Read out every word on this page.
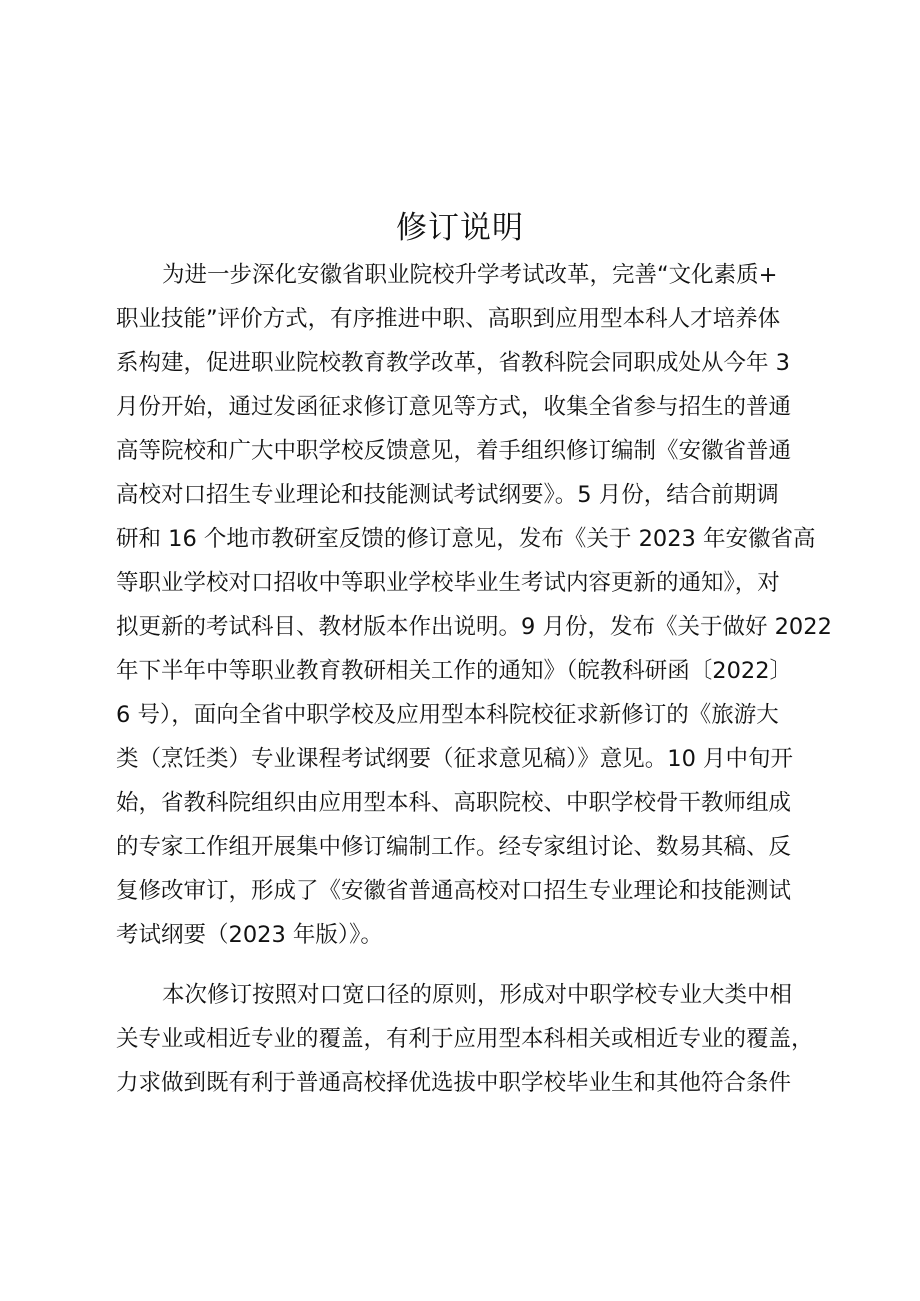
修订说明

为进一步深化安徽省职业院校升学考试改革，完善“文化素质+

职业技能”评价方式，有序推进中职、高职到应用型本科人才培养体

系构建，促进职业院校教育教学改革，省教科院会同职成处从今年 3

月份开始，通过发函征求修订意见等方式，收集全省参与招生的普通

高等院校和广大中职学校反馈意见，着手组织修订编制《安徽省普通

高校对口招生专业理论和技能测试考试纲要》。5 月份，结合前期调

研和 16 个地市教研室反馈的修订意见，发布《关于 2023 年安徽省高

等职业学校对口招收中等职业学校毕业生考试内容更新的通知》，对

拟更新的考试科目、教材版本作出说明。9 月份，发布《关于做好 2022

年下半年中等职业教育教研相关工作的通知》（皖教科研函〔2022〕

6 号），面向全省中职学校及应用型本科院校征求新修订的《旅游大

类（烹饪类）专业课程考试纲要（征求意见稿）》意见。10 月中旬开

始，省教科院组织由应用型本科、高职院校、中职学校骨干教师组成

的专家工作组开展集中修订编制工作。经专家组讨论、数易其稿、反

复修改审订，形成了《安徽省普通高校对口招生专业理论和技能测试

考试纲要（2023 年版）》。

本次修订按照对口宽口径的原则，形成对中职学校专业大类中相

关专业或相近专业的覆盖，有利于应用型本科相关或相近专业的覆盖，

力求做到既有利于普通高校择优选拔中职学校毕业生和其他符合条件
